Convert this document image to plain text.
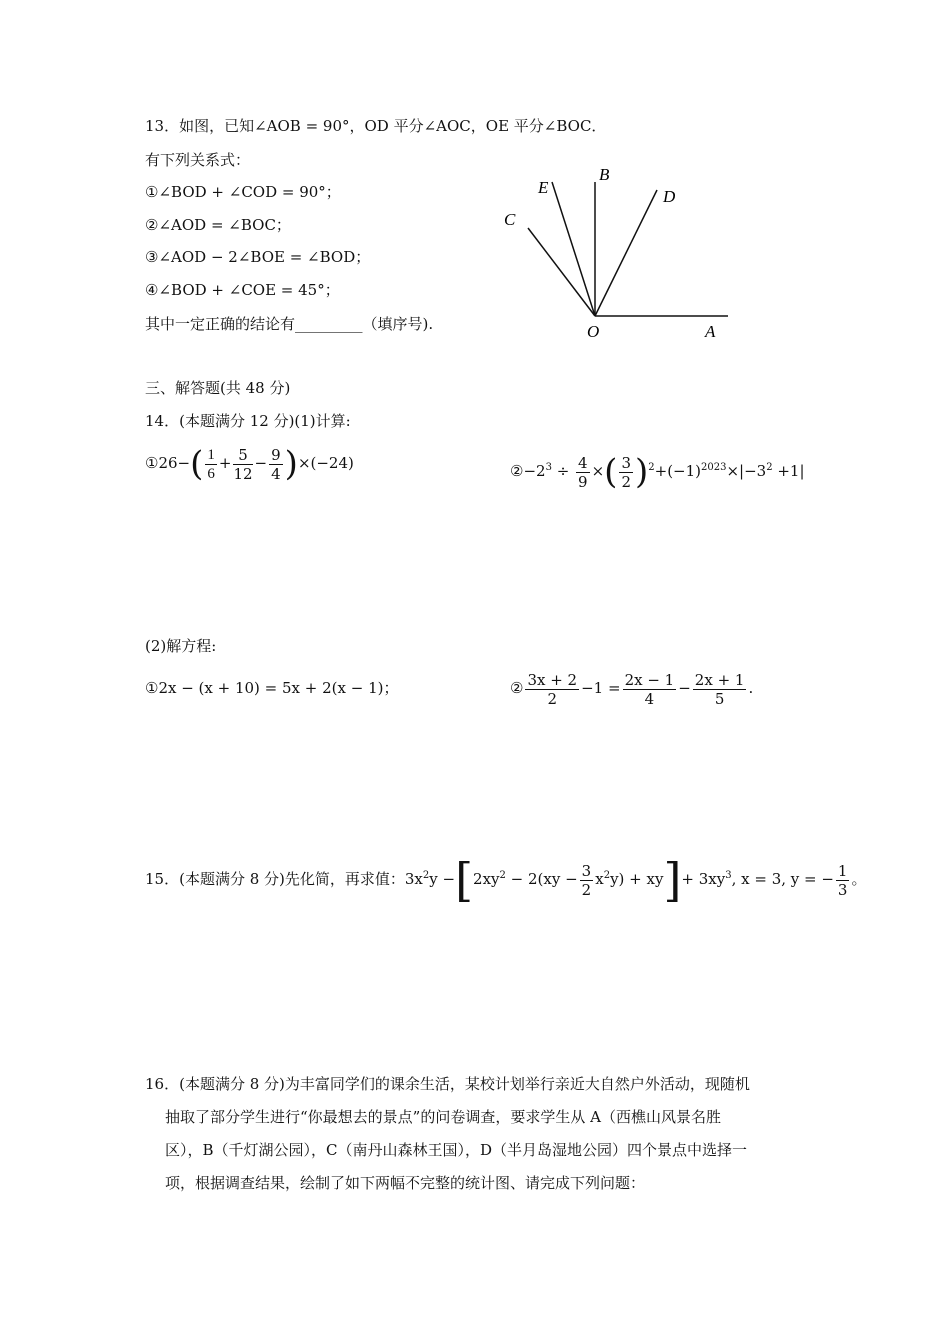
13．如图，已知∠AOB = 90°，OD 平分∠AOC，OE 平分∠BOC．
有下列关系式：
①∠BOD + ∠COD = 90°；
②∠AOD = ∠BOC；
③∠AOD − 2∠BOE = ∠BOD；
④∠BOD + ∠COE = 45°；
其中一定正确的结论有_________（填序号).
E
B
C
D
O	A
三、解答题(共 48 分)
14．(本题满分 12 分)(1)计算:
①26−( $\frac{1}{6} + \frac{5}{12} - \frac{9}{4} )\times(-24)$	$②-2^3 \div \frac{4}{9}$ ×( $\frac{3}{2} )^2+(-1)^{2023}\times|-3^2 +1|$
(2)解方程:
①2x − (x + 10) = 5x + 2(x − 1)；	② $\frac{3x + 2}{2} -1 = \frac{2x - 1}{4} - \frac{2x + 1}{5}$ .
15．(本题满分 8 分)先化简，再求值：$3x^2y -[2xy^2 - 2(xy - \frac{3}{2} x^2y) + xy]+ 3xy^3$, x = 3, y = − $\frac{1}{3}$ 。
16．(本题满分 8 分)为丰富同学们的课余生活，某校计划举行亲近大自然户外活动，现随机
抽取了部分学生进行“你最想去的景点”的问卷调查，要求学生从 A（西樵山风景名胜
区），B（千灯湖公园），C（南丹山森林王国），D（半月岛湿地公园）四个景点中选择一
项，根据调查结果，绘制了如下两幅不完整的统计图、请完成下列问题：
